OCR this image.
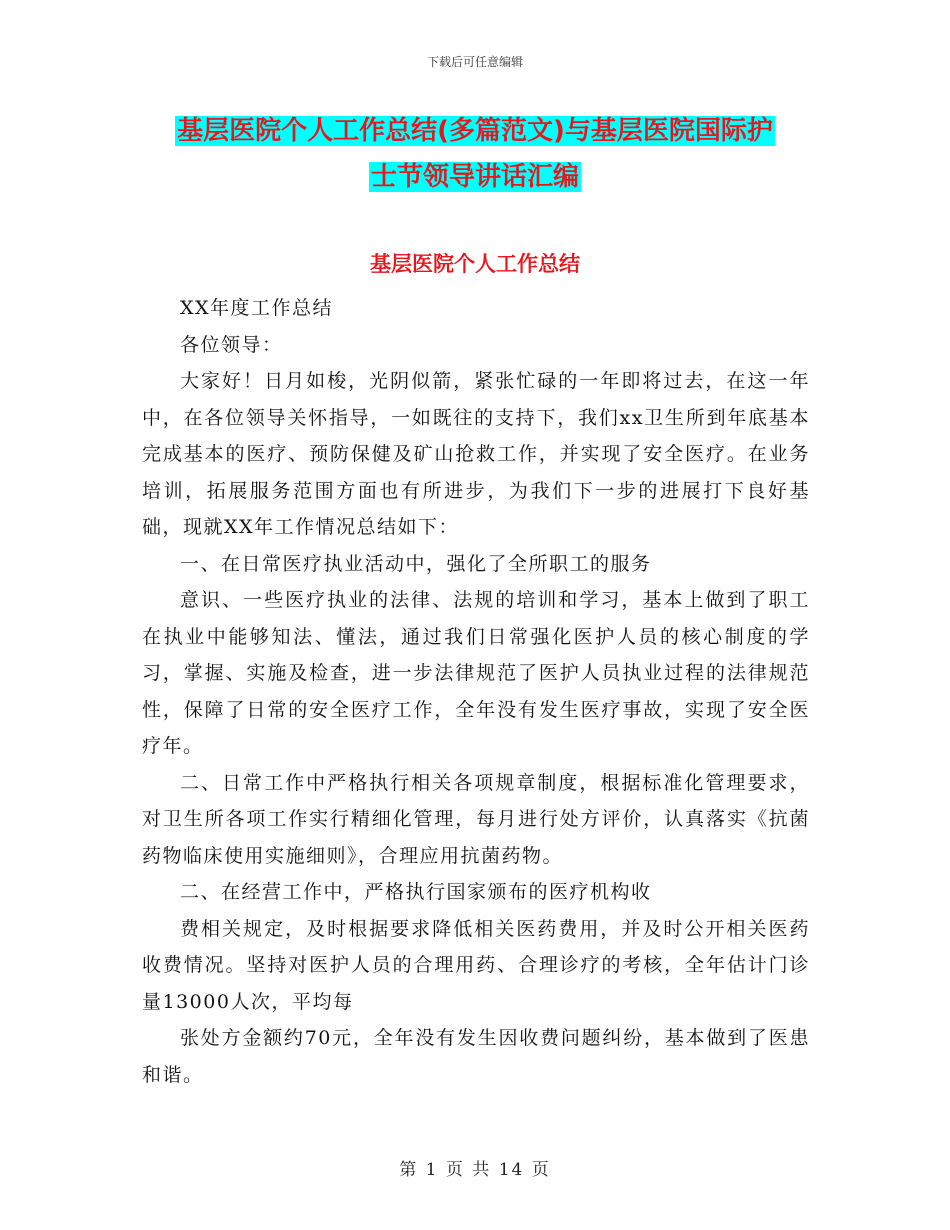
下载后可任意编辑
基层医院个人工作总结(多篇范文)与基层医院国际护
士节领导讲话汇编
基层医院个人工作总结

XX年度工作总结

各位领导：

大家好！日月如梭，光阴似箭，紧张忙碌的一年即将过去，在这一年中，在各位领导关怀指导，一如既往的支持下，我们xx卫生所到年底基本完成基本的医疗、预防保健及矿山抢救工作，并实现了安全医疗。在业务培训，拓展服务范围方面也有所进步，为我们下一步的进展打下良好基础，现就XX年工作情况总结如下：

一、在日常医疗执业活动中，强化了全所职工的服务

意识、一些医疗执业的法律、法规的培训和学习，基本上做到了职工在执业中能够知法、懂法，通过我们日常强化医护人员的核心制度的学习，掌握、实施及检查，进一步法律规范了医护人员执业过程的法律规范性，保障了日常的安全医疗工作，全年没有发生医疗事故，实现了安全医疗年。

二、日常工作中严格执行相关各项规章制度，根据标准化管理要求，对卫生所各项工作实行精细化管理，每月进行处方评价，认真落实《抗菌药物临床使用实施细则》，合理应用抗菌药物。

二、在经营工作中，严格执行国家颁布的医疗机构收

费相关规定，及时根据要求降低相关医药费用，并及时公开相关医药收费情况。坚持对医护人员的合理用药、合理诊疗的考核，全年估计门诊量13000人次，平均每

张处方金额约70元，全年没有发生因收费问题纠纷，基本做到了医患和谐。

第 1 页 共 14 页
